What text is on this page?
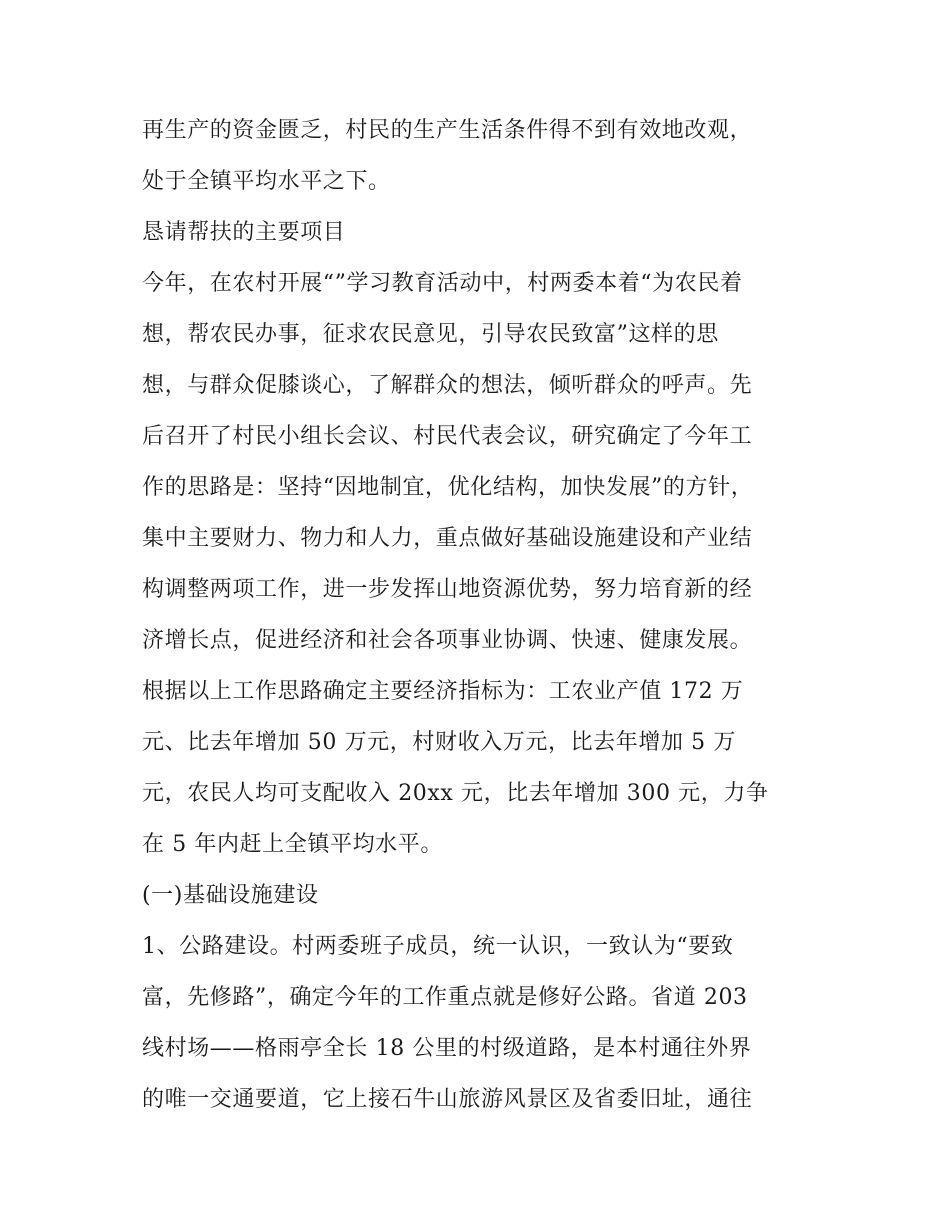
再生产的资金匮乏，村民的生产生活条件得不到有效地改观，
处于全镇平均水平之下。
恳请帮扶的主要项目
今年，在农村开展“”学习教育活动中，村两委本着“为农民着
想，帮农民办事，征求农民意见，引导农民致富”这样的思
想，与群众促膝谈心，了解群众的想法，倾听群众的呼声。先
后召开了村民小组长会议、村民代表会议，研究确定了今年工
作的思路是：坚持“因地制宜，优化结构，加快发展”的方针，
集中主要财力、物力和人力，重点做好基础设施建设和产业结
构调整两项工作，进一步发挥山地资源优势，努力培育新的经
济增长点，促进经济和社会各项事业协调、快速、健康发展。
根据以上工作思路确定主要经济指标为：工农业产值 172 万
元、比去年增加 50 万元，村财收入万元，比去年增加 5 万
元，农民人均可支配收入 20xx 元，比去年增加 300 元，力争
在 5 年内赶上全镇平均水平。
(一)基础设施建设
1、公路建设。村两委班子成员，统一认识，一致认为“要致
富，先修路”，确定今年的工作重点就是修好公路。省道 203
线村场——格雨亭全长 18 公里的村级道路，是本村通往外界
的唯一交通要道，它上接石牛山旅游风景区及省委旧址，通往
